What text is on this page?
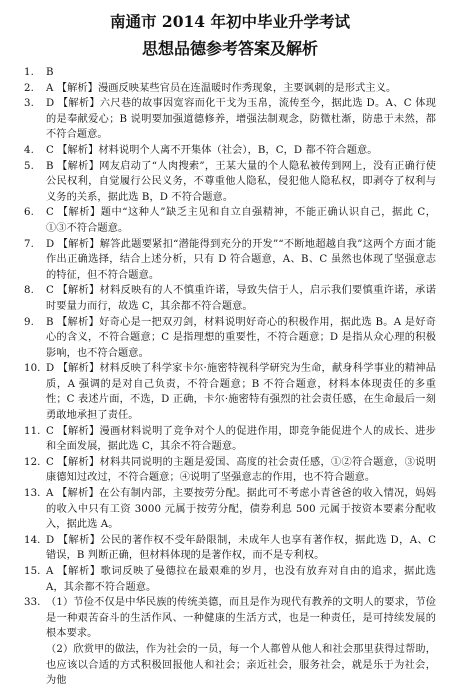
南通市 2014 年初中毕业升学考试
思想品德参考答案及解析
1.	B
2.	A 【解析】漫画反映某些官员在连温暖时作秀现象，主要讽刺的是形式主义。
3.	D 【解析】六尺巷的故事因宽容而化干戈为玉帛，流传至今，据此选 D。A、C 体现的是奉献爱心；B 说明要加强道德修养，增强法制观念，防微杜渐，防患于未然，都不符合题意。
4.	C 【解析】材料说明个人离不开集体（社会），B，C，D 都不符合题意。
5.	B 【解析】网友启动了“人肉搜索”，王某大量的个人隐私被传到网上，没有正确行使公民权利，自觉履行公民义务，不尊重他人隐私，侵犯他人隐私权，即剥夺了权利与义务的关系，据此选 B，D 不符合题意。
6.	C 【解析】题中“这种人”缺乏主见和自立自强精神，不能正确认识自己，据此 C，①③不符合题意。
7.	D 【解析】解答此题要紧扣“潜能得到充分的开发”“不断地超越自我”这两个方面才能作出正确选择，结合上述分析，只有 D 符合题意，A、B、C 虽然也体现了坚强意志的特征，但不符合题意。
8.	C 【解析】材料反映有的人不慎重许诺，导致失信于人，启示我们要慎重许诺，承诺时要量力而行，故选 C，其余都不符合题意。
9.	B 【解析】好奇心是一把双刃剑，材料说明好奇心的积极作用，据此选 B。A 是好奇心的含义，不符合题意；C 是指理想的重要性，不符合题意；D 是指从众心理的积极影响，也不符合题意。
10. D 【解析】材料反映了科学家卡尔·施密特视科学研究为生命，献身科学事业的精神品质，A 强调的是对自己负责，不符合题意；B 不符合题意，材料本体现责任的多重性；C 表述片面，不选，D 正确，卡尔·施密特有强烈的社会责任感，在生命最后一刻勇敢地承担了责任。
11. C 【解析】漫画材料说明了竞争对个人的促进作用，即竞争能促进个人的成长、进步和全面发展，据此选 C，其余不符合题意。
12. C 【解析】材料共同说明的主题是爱国、高度的社会责任感，①②符合题意，③说明康德知过改过，不符合题意；④说明了坚强意志的作用，也不符合题意。
13. A 【解析】在公有制内部，主要按劳分配。据此可不考虑小青爸爸的收入情况，妈妈的收入中只有工资 3000 元属于按劳分配，债券利息 500 元属于按资本要素分配收入，据此选 A。
14. D 【解析】公民的著作权不受年龄限制，未成年人也享有著作权，据此选 D，A、C 错误，B 判断正确，但材料体现的是著作权，而不是专利权。
15. A 【解析】歌词反映了曼德拉在最艰难的岁月，也没有放弃对自由的追求，据此选 A，其余都不符合题意。
33. （1）节俭不仅是中华民族的传统美德，而且是作为现代有教养的文明人的要求，节俭是一种艰苦奋斗的生活作风、一种健康的生活方式，也是一种责任，是可持续发展的根本要求。
（2）欣赏甲的做法，作为社会的一员，每一个人都曾从他人和社会那里获得过帮助，也应该以合适的方式积极回报他人和社会；亲近社会，服务社会，就是乐于为社会，为他
